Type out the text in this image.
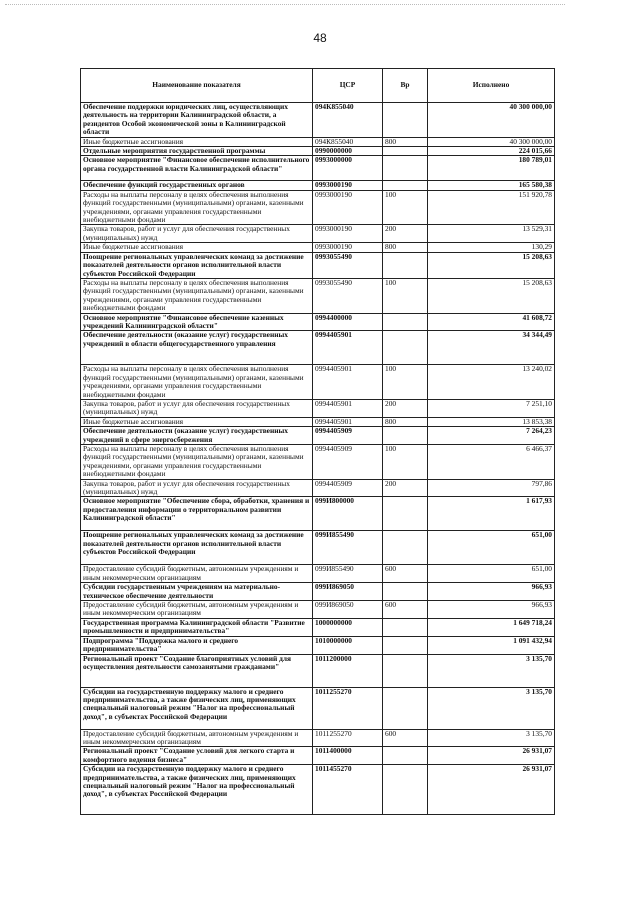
48
Наименование показателя	ЦСР	Вр	Исполнено
Обеспечение поддержки юридических лиц, осуществляющих деятельность на территории Калининградской области, а резидентов Особой экономической зоны в Калининградской области	094К855040		40 300 000,00
Иные бюджетные ассигнования	094К855040	800	40 300 000,00
Отдельные мероприятия государственной программы	0990000000		224 015,66
Основное мероприятие "Финансовое обеспечение исполнительного органа государственной власти Калининградской области"	0993000000		180 789,01
Обеспечение функций государственных органов	0993000190		165 580,38
Расходы на выплаты персоналу в целях обеспечения выполнения функций государственными (муниципальными) органами, казенными учреждениями, органами управления государственными внебюджетными фондами	0993000190	100	151 920,78
Закупка товаров, работ и услуг для обеспечения государственных (муниципальных) нужд	0993000190	200	13 529,31
Иные бюджетные ассигнования	0993000190	800	130,29
Поощрение региональных управленческих команд за достижение показателей деятельности органов исполнительной власти субъектов Российской Федерации	0993055490		15 208,63
Расходы на выплаты персоналу в целях обеспечения выполнения функций государственными (муниципальными) органами, казенными учреждениями, органами управления государственными внебюджетными фондами	0993055490	100	15 208,63
Основное мероприятие "Финансовое обеспечение казенных учреждений Калининградской области"	0994400000		41 608,72
Обеспечение деятельности (оказание услуг) государственных учреждений в области общегосударственного управления	0994405901		34 344,49
Расходы на выплаты персоналу в целях обеспечения выполнения функций государственными (муниципальными) органами, казенными учреждениями, органами управления государственными внебюджетными фондами	0994405901	100	13 240,02
Закупка товаров, работ и услуг для обеспечения государственных (муниципальных) нужд	0994405901	200	7 251,10
Иные бюджетные ассигнования	0994405901	800	13 853,38
Обеспечение деятельности (оказание услуг) государственных учреждений в сфере энергосбережения	0994405909		7 264,23
Расходы на выплаты персоналу в целях обеспечения выполнения функций государственными (муниципальными) органами, казенными учреждениями, органами управления государственными внебюджетными фондами	0994405909	100	6 466,37
Закупка товаров, работ и услуг для обеспечения государственных (муниципальных) нужд	0994405909	200	797,86
Основное мероприятие "Обеспечение сбора, обработки, хранения и предоставления информации о территориальном развитии Калининградской области"	099И800000		1 617,93
Поощрение региональных управленческих команд за достижение показателей деятельности органов исполнительной власти субъектов Российской Федерации	099И855490		651,00
Предоставление субсидий бюджетным, автономным учреждениям и иным некоммерческим организациям	099И855490	600	651,00
Субсидии государственным учреждениям на материально-техническое обеспечение деятельности	099И869050		966,93
Предоставление субсидий бюджетным, автономным учреждениям и иным некоммерческим организациям	099И869050	600	966,93
Государственная программа Калининградской области "Развитие промышленности и предпринимательства"	1000000000		1 649 718,24
Подпрограмма "Поддержка малого и среднего предпринимательства"	1010000000		1 091 432,94
Региональный проект "Создание благоприятных условий для осуществления деятельности самозанятыми гражданами"	1011200000		3 135,70
Субсидии на государственную поддержку малого и среднего предпринимательства, а также физических лиц, применяющих специальный налоговый режим "Налог на профессиональный доход", в субъектах Российской Федерации	1011255270		3 135,70
Предоставление субсидий бюджетным, автономным учреждениям и иным некоммерческим организациям	1011255270	600	3 135,70
Региональный проект "Создание условий для легкого старта и комфортного ведения бизнеса"	1011400000		26 931,07
Субсидии на государственную поддержку малого и среднего предпринимательства, а также физических лиц, применяющих специальный налоговый режим "Налог на профессиональный доход", в субъектах Российской Федерации	1011455270		26 931,07
